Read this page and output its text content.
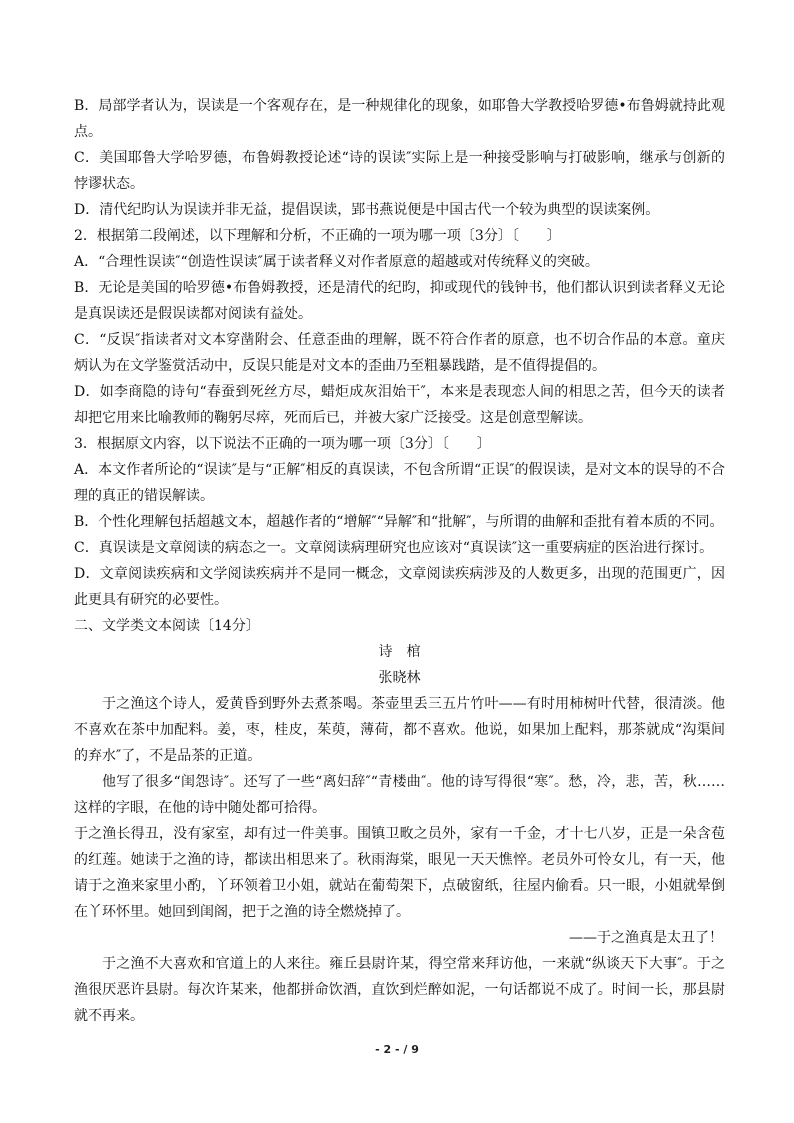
B．局部学者认为，误读是一个客观存在，是一种规律化的现象，如耶鲁大学教授哈罗德•布鲁姆就持此观点。

C．美国耶鲁大学哈罗德，布鲁姆教授论述“诗的误读″实际上是一种接受影响与打破影响，继承与创新的悖谬状态。

D．清代纪昀认为误读并非无益，提倡误读，郢书燕说便是中国古代一个较为典型的误读案例。

2．根据第二段阐述，以下理解和分析，不正确的一项为哪一项〔3分〕〔　　〕

A．“合理性误读″“创造性误读″属于读者释义对作者原意的超越或对传统释义的突破。

B．无论是美国的哈罗德•布鲁姆教授，还是清代的纪昀，抑或现代的钱钟书，他们都认识到读者释义无论是真误读还是假误读都对阅读有益处。

C．“反误″指读者对文本穿凿附会、任意歪曲的理解，既不符合作者的原意，也不切合作品的本意。童庆炳认为在文学鉴赏活动中，反误只能是对文本的歪曲乃至粗暴践踏，是不值得提倡的。

D．如李商隐的诗句“春蚕到死丝方尽，蜡炬成灰泪始干″，本来是表现恋人间的相思之苦，但今天的读者却把它用来比喻教师的鞠躬尽瘁，死而后已，并被大家广泛接受。这是创意型解读。

3．根据原文内容，以下说法不正确的一项为哪一项〔3分〕〔　　〕

A．本文作者所论的“误读″是与“正解″相反的真误读，不包含所谓“正误″的假误读，是对文本的误导的不合理的真正的错误解读。

B．个性化理解包括超越文本，超越作者的“增解″“异解″和“批解″，与所谓的曲解和歪批有着本质的不同。

C．真误读是文章阅读的病态之一。文章阅读病理研究也应该对“真误读″这一重要病症的医治进行探讨。

D．文章阅读疾病和文学阅读疾病并不是同一概念，文章阅读疾病涉及的人数更多，出现的范围更广，因此更具有研究的必要性。

二、文学类文本阅读〔14分〕

诗　棺

张晓林

于之渔这个诗人，爱黄昏到野外去煮茶喝。茶壶里丢三五片竹叶——有时用柿树叶代替，很清淡。他不喜欢在茶中加配料。姜，枣，桂皮，茱萸，薄荷，都不喜欢。他说，如果加上配料，那茶就成“沟渠间的弃水″了，不是品茶的正道。

他写了很多“闺怨诗″。还写了一些“离妇辞″“青楼曲″。他的诗写得很“寒″。愁，冷，悲，苦，秋……这样的字眼，在他的诗中随处都可拾得。

于之渔长得丑，没有家室，却有过一件美事。围镇卫畋之员外，家有一千金，才十七八岁，正是一朵含苞的红莲。她读于之渔的诗，都读出相思来了。秋雨海棠，眼见一天天憔悴。老员外可怜女儿，有一天，他请于之渔来家里小酌，丫环领着卫小姐，就站在葡萄架下，点破窗纸，往屋内偷看。只一眼，小姐就晕倒在丫环怀里。她回到闺阁，把于之渔的诗全燃烧掉了。

——于之渔真是太丑了！

于之渔不大喜欢和官道上的人来往。雍丘县尉许某，得空常来拜访他，一来就“纵谈天下大事″。于之渔很厌恶许县尉。每次许某来，他都拼命饮酒，直饮到烂醉如泥，一句话都说不成了。时间一长，那县尉就不再来。

- 2 - / 9
